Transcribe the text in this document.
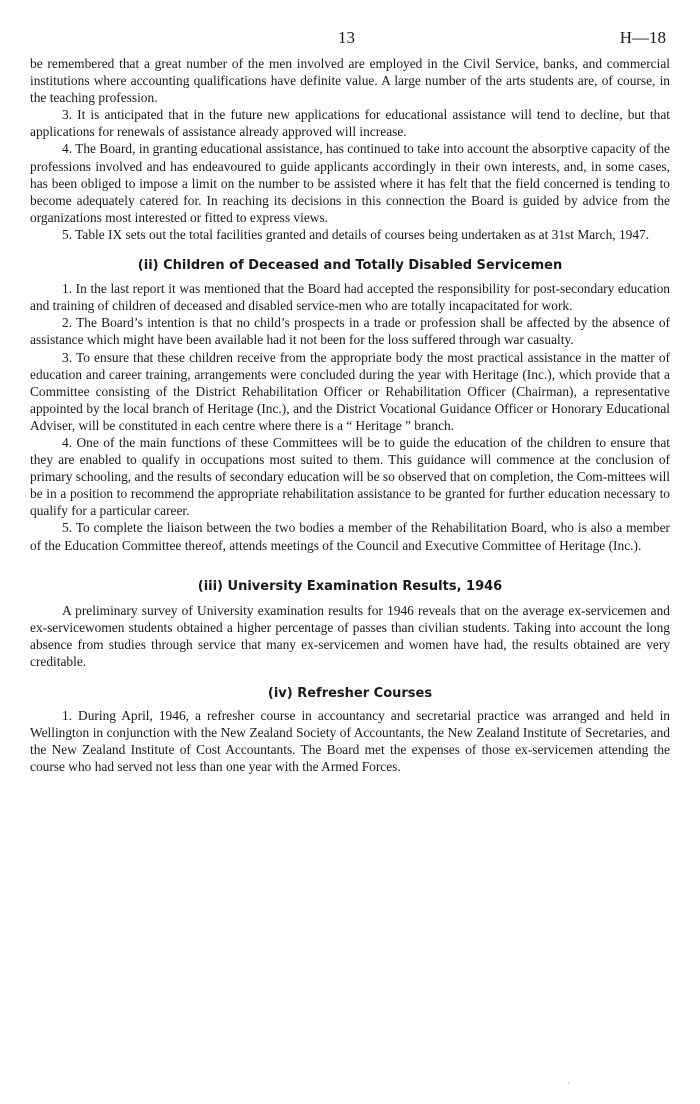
13	H—18

be remembered that a great number of the men involved are employed in the Civil Service, banks, and commercial institutions where accounting qualifications have definite value. A large number of the arts students are, of course, in the teaching profession.

3. It is anticipated that in the future new applications for educational assistance will tend to decline, but that applications for renewals of assistance already approved will increase.

4. The Board, in granting educational assistance, has continued to take into account the absorptive capacity of the professions involved and has endeavoured to guide applicants accordingly in their own interests, and, in some cases, has been obliged to impose a limit on the number to be assisted where it has felt that the field concerned is tending to become adequately catered for. In reaching its decisions in this connection the Board is guided by advice from the organizations most interested or fitted to express views.

5. Table IX sets out the total facilities granted and details of courses being undertaken as at 31st March, 1947.

(ii) Children of Deceased and Totally Disabled Servicemen

1. In the last report it was mentioned that the Board had accepted the responsibility for post-secondary education and training of children of deceased and disabled service-men who are totally incapacitated for work.

2. The Board’s intention is that no child’s prospects in a trade or profession shall be affected by the absence of assistance which might have been available had it not been for the loss suffered through war casualty.

3. To ensure that these children receive from the appropriate body the most practical assistance in the matter of education and career training, arrangements were concluded during the year with Heritage (Inc.), which provide that a Committee consisting of the District Rehabilitation Officer or Rehabilitation Officer (Chairman), a representative appointed by the local branch of Heritage (Inc.), and the District Vocational Guidance Officer or Honorary Educational Adviser, will be constituted in each centre where there is a “ Heritage ” branch.

4. One of the main functions of these Committees will be to guide the education of the children to ensure that they are enabled to qualify in occupations most suited to them. This guidance will commence at the conclusion of primary schooling, and the results of secondary education will be so observed that on completion, the Com-mittees will be in a position to recommend the appropriate rehabilitation assistance to be granted for further education necessary to qualify for a particular career.

5. To complete the liaison between the two bodies a member of the Rehabilitation Board, who is also a member of the Education Committee thereof, attends meetings of the Council and Executive Committee of Heritage (Inc.).

(iii) University Examination Results, 1946

A preliminary survey of University examination results for 1946 reveals that on the average ex-servicemen and ex-servicewomen students obtained a higher percentage of passes than civilian students. Taking into account the long absence from studies through service that many ex-servicemen and women have had, the results obtained are very creditable.

(iv) Refresher Courses

1. During April, 1946, a refresher course in accountancy and secretarial practice was arranged and held in Wellington in conjunction with the New Zealand Society of Accountants, the New Zealand Institute of Secretaries, and the New Zealand Institute of Cost Accountants. The Board met the expenses of those ex-servicemen attending the course who had served not less than one year with the Armed Forces.

·
